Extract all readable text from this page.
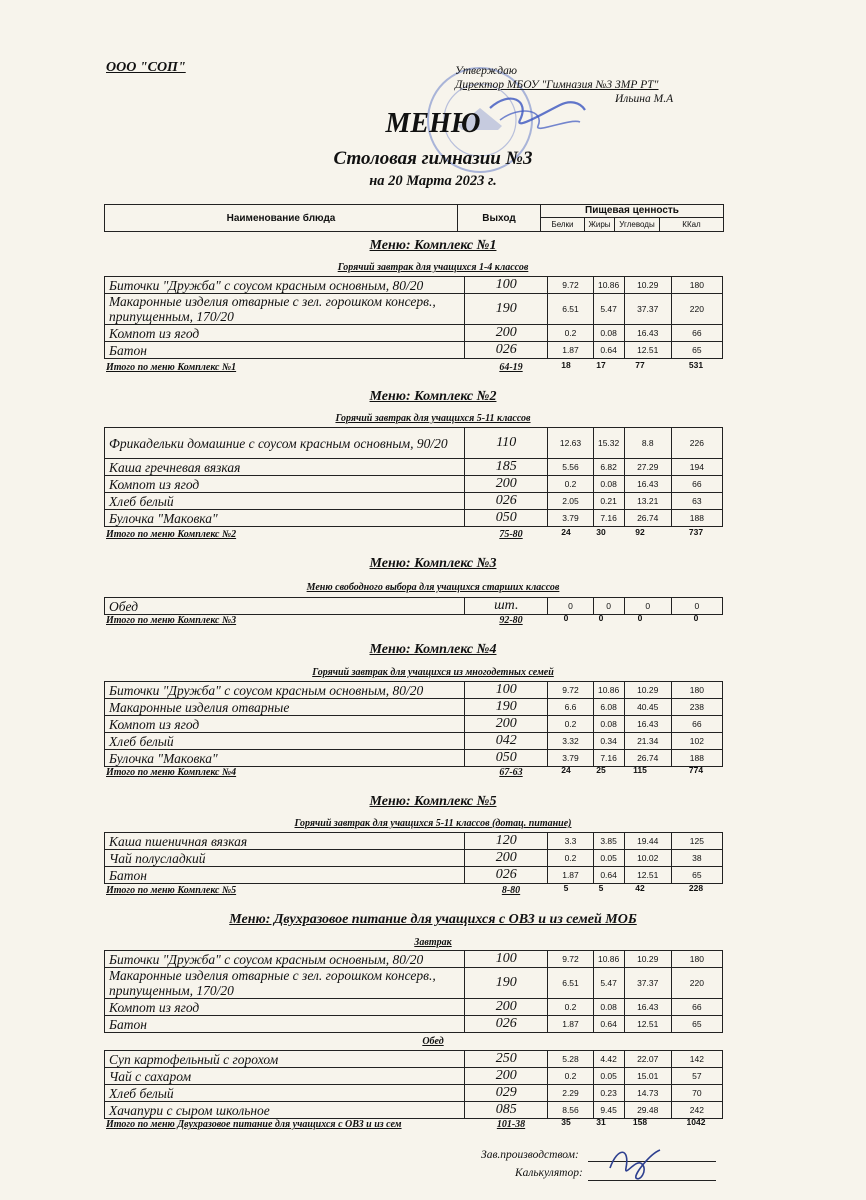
ООО "СОП"	Утверждаю
Директор МБОУ "Гимназия №3 ЗМР РТ"
Ильина М.А
МЕНЮ
Столовая гимназии №3
на 20 Марта 2023 г.
Наименование блюда	Выход
Пищевая ценность
Белки	Жиры	Углеводы	ККал
Меню: Комплекс №1
Горячий завтрак для учащихся 1-4 классов
Биточки "Дружба" с соусом красным основным, 80/20	100	9.72	10.86	10.29	180
Макаронные изделия отварные с зел. горошком консерв., припущенным, 170/20	190	6.51	5.47	37.37	220
Компот из ягод	200	0.2	0.08	16.43	66
Батон	026	1.87	0.64	12.51	65
Итого по меню Комплекс №1	64-19	18	17	77	531
Меню: Комплекс №2
Горячий завтрак для учащихся 5-11 классов
Фрикадельки домашние с соусом красным основным, 90/20	110	12.63	15.32	8.8	226
Каша гречневая вязкая	185	5.56	6.82	27.29	194
Компот из ягод	200	0.2	0.08	16.43	66
Хлеб белый	026	2.05	0.21	13.21	63
Булочка "Маковка"	050	3.79	7.16	26.74	188
Итого по меню Комплекс №2	75-80	24	30	92	737
Меню: Комплекс №3
Меню свободного выбора для учащихся старших классов
Обед	шт.	0	0	0	0
Итого по меню Комплекс №3	92-80	0	0	0	0
Меню: Комплекс №4
Горячий завтрак для учащихся из многодетных семей
Биточки "Дружба" с соусом красным основным, 80/20	100	9.72	10.86	10.29	180
Макаронные изделия отварные	190	6.6	6.08	40.45	238
Компот из ягод	200	0.2	0.08	16.43	66
Хлеб белый	042	3.32	0.34	21.34	102
Булочка "Маковка"	050	3.79	7.16	26.74	188
Итого по меню Комплекс №4	67-63	24	25	115	774
Меню: Комплекс №5
Горячий завтрак для учащихся 5-11 классов (дотац. питание)
Каша пшеничная вязкая	120	3.3	3.85	19.44	125
Чай полусладкий	200	0.2	0.05	10.02	38
Батон	026	1.87	0.64	12.51	65
Итого по меню Комплекс №5	8-80	5	5	42	228
Меню: Двухразовое питание для учащихся с ОВЗ и из семей МОБ
Завтрак
Биточки "Дружба" с соусом красным основным, 80/20	100	9.72	10.86	10.29	180
Макаронные изделия отварные с зел. горошком консерв., припущенным, 170/20	190	6.51	5.47	37.37	220
Компот из ягод	200	0.2	0.08	16.43	66
Батон	026	1.87	0.64	12.51	65
Обед
Суп картофельный с горохом	250	5.28	4.42	22.07	142
Чай с сахаром	200	0.2	0.05	15.01	57
Хлеб белый	029	2.29	0.23	14.73	70
Хачапури с сыром школьное	085	8.56	9.45	29.48	242
Итого по меню Двухразовое питание для учащихся с ОВЗ и из сем	101-38	35	31	158	1042
Зав.производством:
Калькулятор:
